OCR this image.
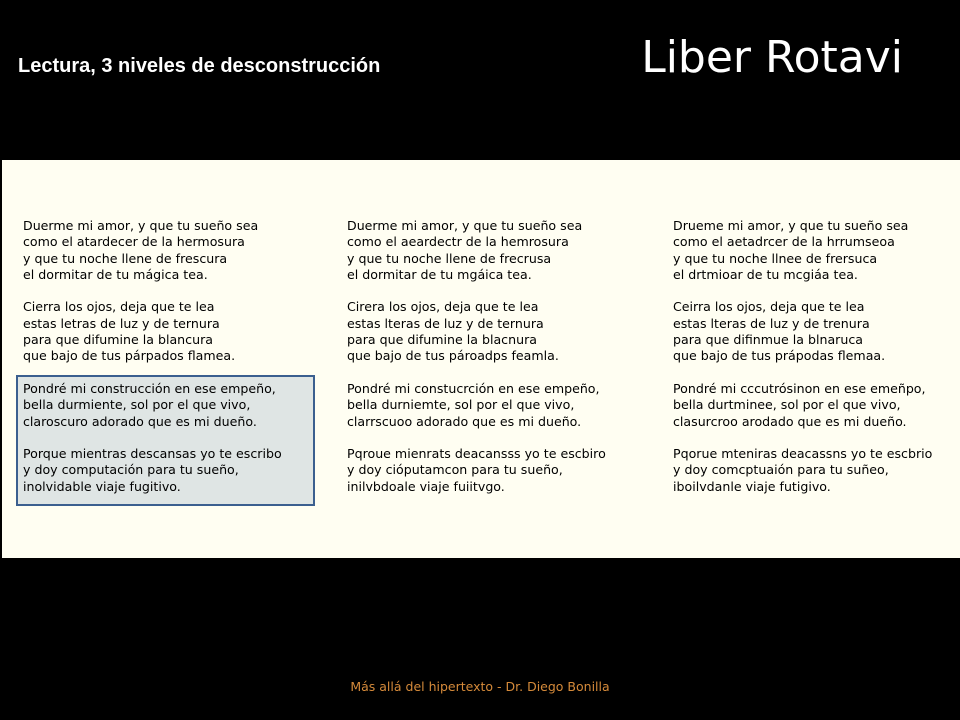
Lectura, 3 niveles de desconstrucción	Liber Rotavi
Duerme mi amor, y que tu sueño sea
como el atardecer de la hermosura
y que tu noche llene de frescura
el dormitar de tu mágica tea.
Cierra los ojos, deja que te lea
estas letras de luz y de ternura
para que difumine la blancura
que bajo de tus párpados flamea.
Pondré mi construcción en ese empeño,
bella durmiente, sol por el que vivo,
claroscuro adorado que es mi dueño.
Porque mientras descansas yo te escribo
y doy computación para tu sueño,
inolvidable viaje fugitivo.
Duerme mi amor, y que tu sueño sea
como el aeardectr de la hemrosura
y que tu noche llene de frecrusa
el dormitar de tu mgáica tea.
Cirera los ojos, deja que te lea
estas lteras de luz y de ternura
para que difumine la blacnura
que bajo de tus pároadps feamla.
Pondré mi constucrción en ese empeño,
bella durniemte, sol por el que vivo,
clarrscuoo adorado que es mi dueño.
Pqroue mienrats deacansss yo te escbiro
y doy cióputamcon para tu sueño,
inilvbdoale viaje fuiitvgo.
Drueme mi amor, y que tu sueño sea
como el aetadrcer de la hrrumseoa
y que tu noche llnee de frersuca
el drtmioar de tu mcgiáa tea.
Ceirra los ojos, deja que te lea
estas lteras de luz y de trenura
para que difinmue la blnaruca
que bajo de tus prápodas flemaa.
Pondré mi cccutrósinon en ese emeñpo,
bella durtminee, sol por el que vivo,
clasurcroo arodado que es mi dueño.
Pqorue mteniras deacassns yo te escbrio
y doy comcptuaión para tu suñeo,
iboilvdanle viaje futigivo.
Más allá del hipertexto - Dr. Diego Bonilla
